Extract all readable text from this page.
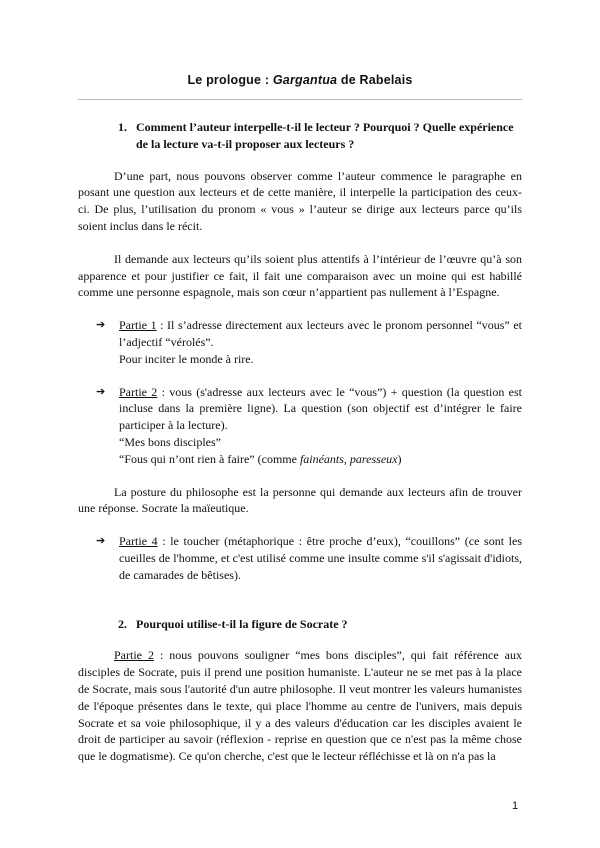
Le prologue : Gargantua de Rabelais
1. Comment l’auteur interpelle-t-il le lecteur ? Pourquoi ? Quelle expérience de la lecture va-t-il proposer aux lecteurs ?

D’une part, nous pouvons observer comme l’auteur commence le paragraphe en posant une question aux lecteurs et de cette manière, il interpelle la participation des ceux-ci. De plus, l’utilisation du pronom « vous » l’auteur se dirige aux lecteurs parce qu’ils soient inclus dans le récit.

Il demande aux lecteurs qu’ils soient plus attentifs à l’intérieur de l’œuvre qu’à son apparence et pour justifier ce fait, il fait une comparaison avec un moine qui est habillé comme une personne espagnole, mais son cœur n’appartient pas nullement à l’Espagne.

➔	Partie 1 : Il s’adresse directement aux lecteurs avec le pronom personnel “vous” et l’adjectif “vérolés”.
Pour inciter le monde à rire.
➔	Partie 2 : vous (s'adresse aux lecteurs avec le “vous”) + question (la question est incluse dans la première ligne). La question (son objectif est d’intégrer le faire participer à la lecture).
“Mes bons disciples”
“Fous qui n’ont rien à faire” (comme fainéants, paresseux)

La posture du philosophe est la personne qui demande aux lecteurs afin de trouver une réponse. Socrate la maïeutique.

➔	Partie 4 : le toucher (métaphorique : être proche d’eux), “couillons” (ce sont les cueilles de l'homme, et c'est utilisé comme une insulte comme s'il s'agissait d'idiots, de camarades de bêtises).
2. Pourquoi utilise-t-il la figure de Socrate ?

Partie 2 : nous pouvons souligner “mes bons disciples”, qui fait référence aux disciples de Socrate, puis il prend une position humaniste. L'auteur ne se met pas à la place de Socrate, mais sous l'autorité d'un autre philosophe. Il veut montrer les valeurs humanistes de l'époque présentes dans le texte, qui place l'homme au centre de l'univers, mais depuis Socrate et sa voie philosophique, il y a des valeurs d'éducation car les disciples avaient le droit de participer au savoir (réflexion - reprise en question que ce n'est pas la même chose que le dogmatisme). Ce qu'on cherche, c'est que le lecteur réfléchisse et là on n'a pas la

1
